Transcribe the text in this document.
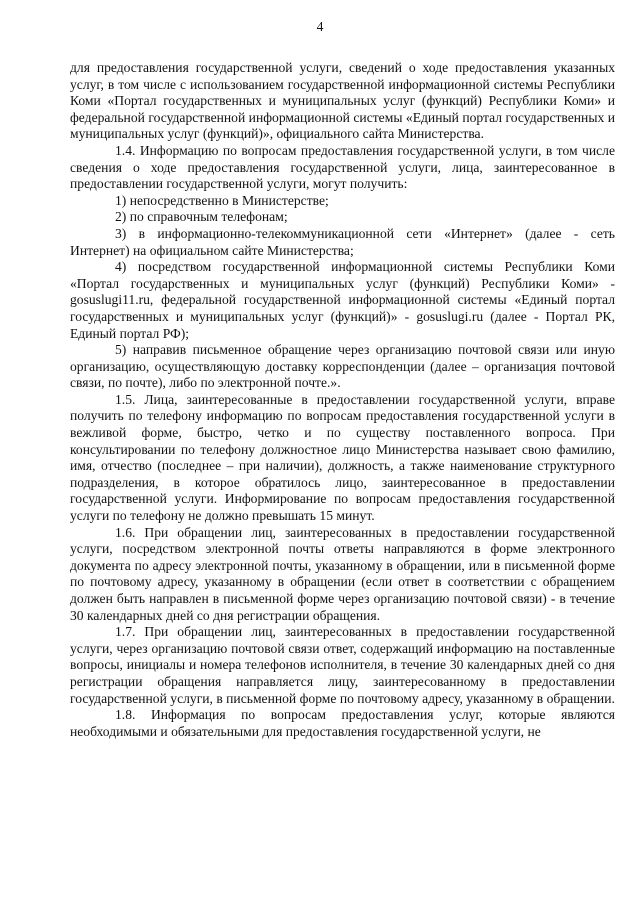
4

для предоставления государственной услуги, сведений о ходе предоставления указанных услуг, в том числе с использованием государственной информационной системы Республики Коми «Портал государственных и муниципальных услуг (функций) Республики Коми» и федеральной государственной информационной системы «Единый портал государственных и муниципальных услуг (функций)», официального сайта Министерства.

1.4. Информацию по вопросам предоставления государственной услуги, в том числе сведения о ходе предоставления государственной услуги, лица, заинтересованное в предоставлении государственной услуги, могут получить:

1) непосредственно в Министерстве;

2) по справочным телефонам;

3) в информационно-телекоммуникационной сети «Интернет» (далее - сеть Интернет) на официальном сайте Министерства;

4) посредством государственной информационной системы Республики Коми «Портал государственных и муниципальных услуг (функций) Республики Коми» - gosuslugi11.ru, федеральной государственной информационной системы «Единый портал государственных и муниципальных услуг (функций)» - gosuslugi.ru (далее - Портал РК, Единый портал РФ);

5) направив письменное обращение через организацию почтовой связи или иную организацию, осуществляющую доставку корреспонденции (далее – организация почтовой связи, по почте), либо по электронной почте.».

1.5. Лица, заинтересованные в предоставлении государственной услуги, вправе получить по телефону информацию по вопросам предоставления государственной услуги в вежливой форме, быстро, четко и по существу поставленного вопроса. При консультировании по телефону должностное лицо Министерства называет свою фамилию, имя, отчество (последнее – при наличии), должность, а также наименование структурного подразделения, в которое обратилось лицо, заинтересованное в предоставлении государственной услуги. Информирование по вопросам предоставления государственной услуги по телефону не должно превышать 15 минут.

1.6. При обращении лиц, заинтересованных в предоставлении государственной услуги, посредством электронной почты ответы направляются в форме электронного документа по адресу электронной почты, указанному в обращении, или в письменной форме по почтовому адресу, указанному в обращении (если ответ в соответствии с обращением должен быть направлен в письменной форме через организацию почтовой связи) - в течение 30 календарных дней со дня регистрации обращения.

1.7. При обращении лиц, заинтересованных в предоставлении государственной услуги, через организацию почтовой связи ответ, содержащий информацию на поставленные вопросы, инициалы и номера телефонов исполнителя, в течение 30 календарных дней со дня регистрации обращения направляется лицу, заинтересованному в предоставлении государственной услуги, в письменной форме по почтовому адресу, указанному в обращении.

1.8. Информация по вопросам предоставления услуг, которые являются необходимыми и обязательными для предоставления государственной услуги, не
